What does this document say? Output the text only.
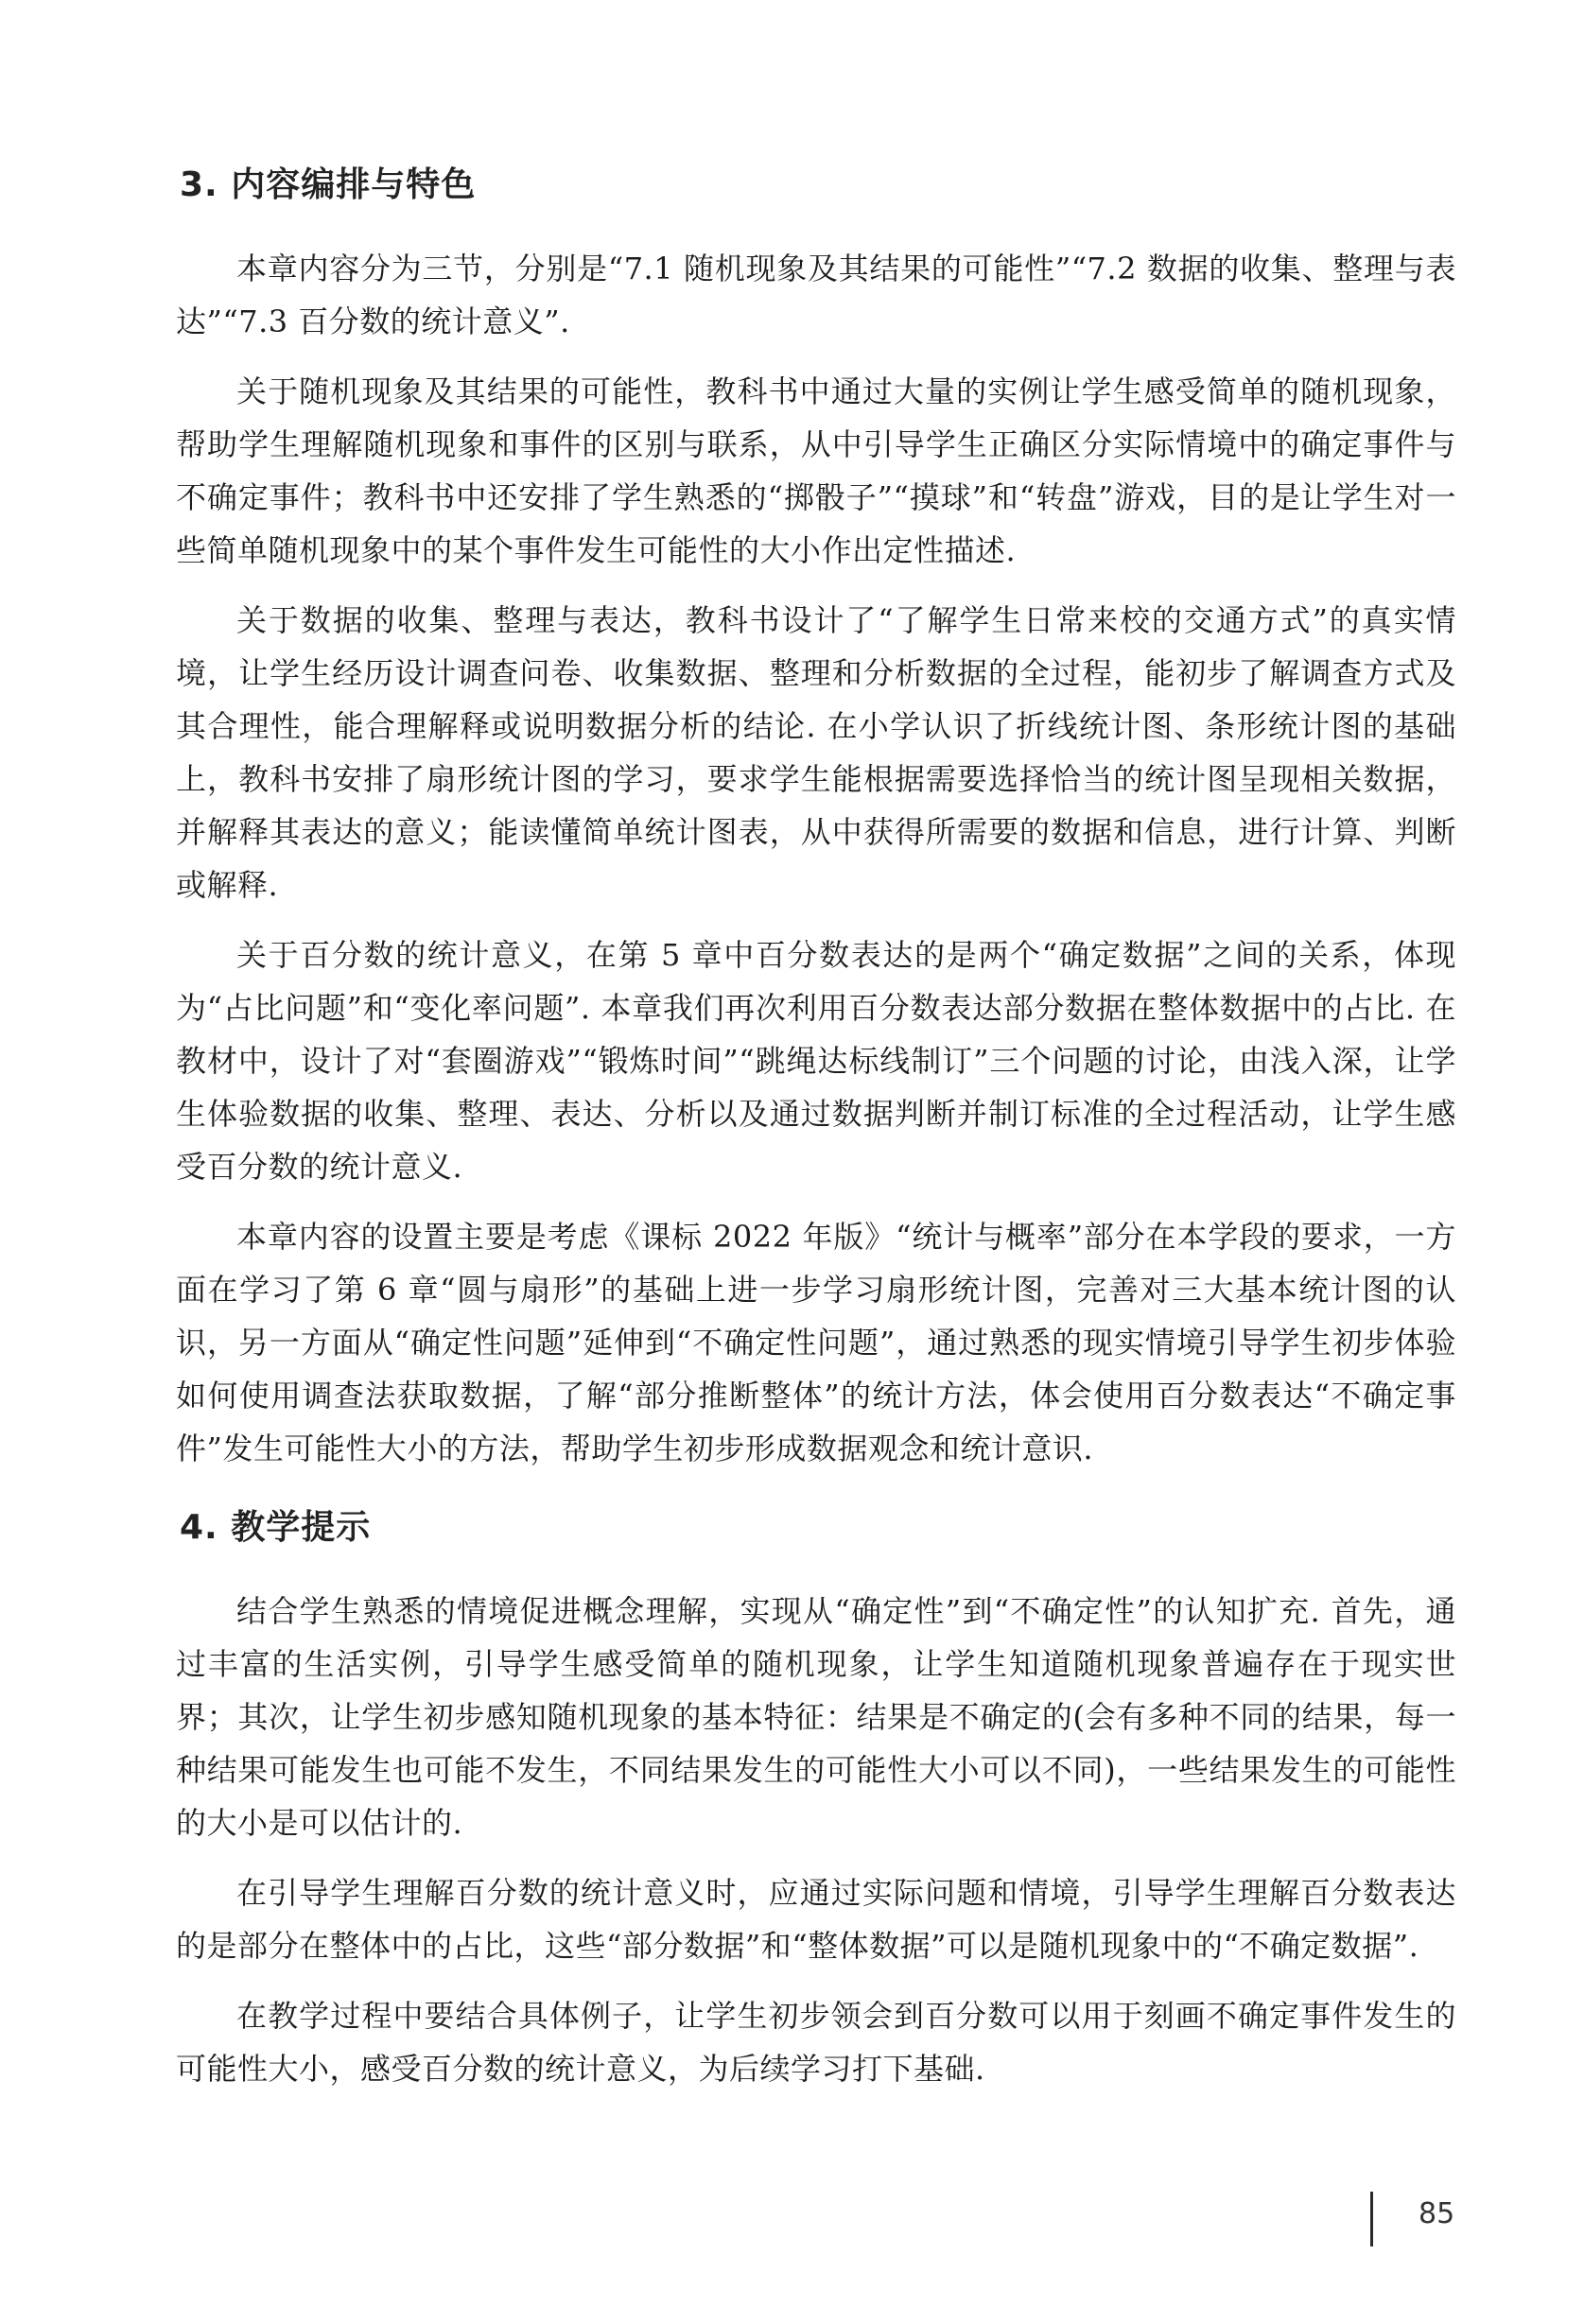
3. 内容编排与特色

本章内容分为三节，分别是“7.1 随机现象及其结果的可能性”“7.2 数据的收集、整理与表达”“7.3 百分数的统计意义”.

关于随机现象及其结果的可能性，教科书中通过大量的实例让学生感受简单的随机现象，帮助学生理解随机现象和事件的区别与联系，从中引导学生正确区分实际情境中的确定事件与不确定事件；教科书中还安排了学生熟悉的“掷骰子”“摸球”和“转盘”游戏，目的是让学生对一些简单随机现象中的某个事件发生可能性的大小作出定性描述.

关于数据的收集、整理与表达，教科书设计了“了解学生日常来校的交通方式”的真实情境，让学生经历设计调查问卷、收集数据、整理和分析数据的全过程，能初步了解调查方式及其合理性，能合理解释或说明数据分析的结论. 在小学认识了折线统计图、条形统计图的基础上，教科书安排了扇形统计图的学习，要求学生能根据需要选择恰当的统计图呈现相关数据，并解释其表达的意义；能读懂简单统计图表，从中获得所需要的数据和信息，进行计算、判断或解释.

关于百分数的统计意义，在第 5 章中百分数表达的是两个“确定数据”之间的关系，体现为“占比问题”和“变化率问题”. 本章我们再次利用百分数表达部分数据在整体数据中的占比. 在教材中，设计了对“套圈游戏”“锻炼时间”“跳绳达标线制订”三个问题的讨论，由浅入深，让学生体验数据的收集、整理、表达、分析以及通过数据判断并制订标准的全过程活动，让学生感受百分数的统计意义.

本章内容的设置主要是考虑《课标 2022 年版》“统计与概率”部分在本学段的要求，一方面在学习了第 6 章“圆与扇形”的基础上进一步学习扇形统计图，完善对三大基本统计图的认识，另一方面从“确定性问题”延伸到“不确定性问题”，通过熟悉的现实情境引导学生初步体验如何使用调查法获取数据，了解“部分推断整体”的统计方法，体会使用百分数表达“不确定事件”发生可能性大小的方法，帮助学生初步形成数据观念和统计意识.

4. 教学提示

结合学生熟悉的情境促进概念理解，实现从“确定性”到“不确定性”的认知扩充. 首先，通过丰富的生活实例，引导学生感受简单的随机现象，让学生知道随机现象普遍存在于现实世界；其次，让学生初步感知随机现象的基本特征：结果是不确定的(会有多种不同的结果，每一种结果可能发生也可能不发生，不同结果发生的可能性大小可以不同)，一些结果发生的可能性的大小是可以估计的.

在引导学生理解百分数的统计意义时，应通过实际问题和情境，引导学生理解百分数表达的是部分在整体中的占比，这些“部分数据”和“整体数据”可以是随机现象中的“不确定数据”.

在教学过程中要结合具体例子，让学生初步领会到百分数可以用于刻画不确定事件发生的可能性大小，感受百分数的统计意义，为后续学习打下基础.

85
